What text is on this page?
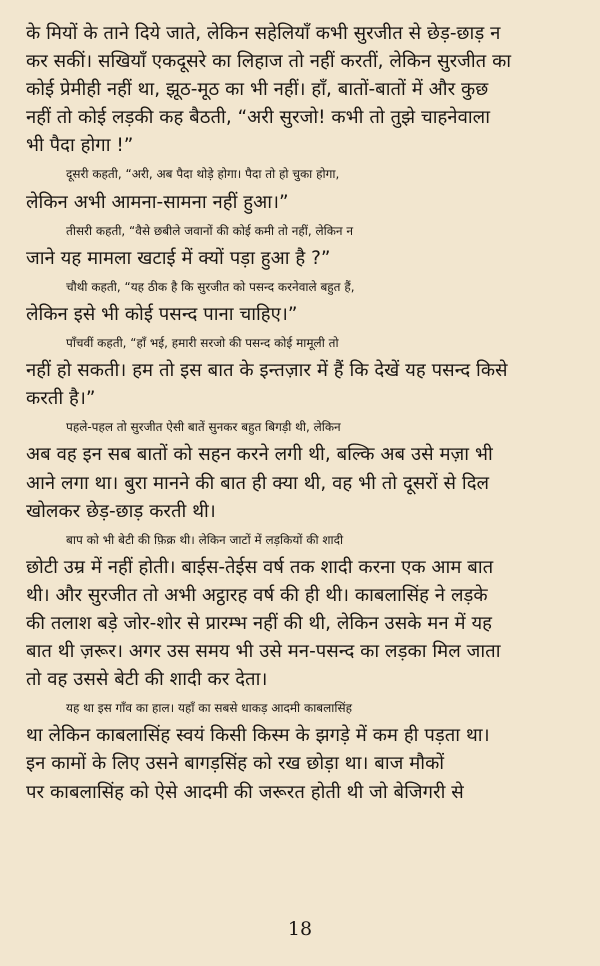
के मियों के ताने दिये जाते, लेकिन सहेलियाँ कभी सुरजीत से छेड़-छाड़ न
कर सकीं। सखियाँ एकदूसरे का लिहाज तो नहीं करतीं, लेकिन सुरजीत का
कोई प्रेमीही नहीं था, झूठ-मूठ का भी नहीं। हाँ, बातों-बातों में और कुछ
नहीं तो कोई लड़की कह बैठती, “अरी सुरजो! कभी तो तुझे चाहनेवाला
भी पैदा होगा !”
दूसरी कहती, “अरी, अब पैदा थोड़े होगा। पैदा तो हो चुका होगा,
लेकिन अभी आमना-सामना नहीं हुआ।”
तीसरी कहती, “वैसे छबीले जवानों की कोई कमी तो नहीं, लेकिन न
जाने यह मामला खटाई में क्यों पड़ा हुआ है ?”
चौथी कहती, “यह ठीक है कि सुरजीत को पसन्द करनेवाले बहुत हैं,
लेकिन इसे भी कोई पसन्द पाना चाहिए।”
पाँचवीं कहती, “हाँ भई, हमारी सरजो की पसन्द कोई मामूली तो
नहीं हो सकती। हम तो इस बात के इन्तज़ार में हैं कि देखें यह पसन्द किसे
करती है।”
पहले-पहल तो सुरजीत ऐसी बातें सुनकर बहुत बिगड़ी थी, लेकिन
अब वह इन सब बातों को सहन करने लगी थी, बल्कि अब उसे मज़ा भी
आने लगा था। बुरा मानने की बात ही क्या थी, वह भी तो दूसरों से दिल
खोलकर छेड़-छाड़ करती थी।
बाप को भी बेटी की फ़िक्र थी। लेकिन जाटों में लड़कियों की शादी
छोटी उम्र में नहीं होती। बाईस-तेईस वर्ष तक शादी करना एक आम बात
थी। और सुरजीत तो अभी अट्ठारह वर्ष की ही थी। काबलासिंह ने लड़के
की तलाश बड़े जोर-शोर से प्रारम्भ नहीं की थी, लेकिन उसके मन में यह
बात थी ज़रूर। अगर उस समय भी उसे मन-पसन्द का लड़का मिल जाता
तो वह उससे बेटी की शादी कर देता।
यह था इस गाँव का हाल। यहाँ का सबसे धाकड़ आदमी काबलासिंह
था लेकिन काबलासिंह स्वयं किसी किस्म के झगड़े में कम ही पड़ता था।
इन कामों के लिए उसने बागड़सिंह को रख छोड़ा था। बाज मौकों
पर काबलासिंह को ऐसे आदमी की जरूरत होती थी जो बेजिगरी से
18
